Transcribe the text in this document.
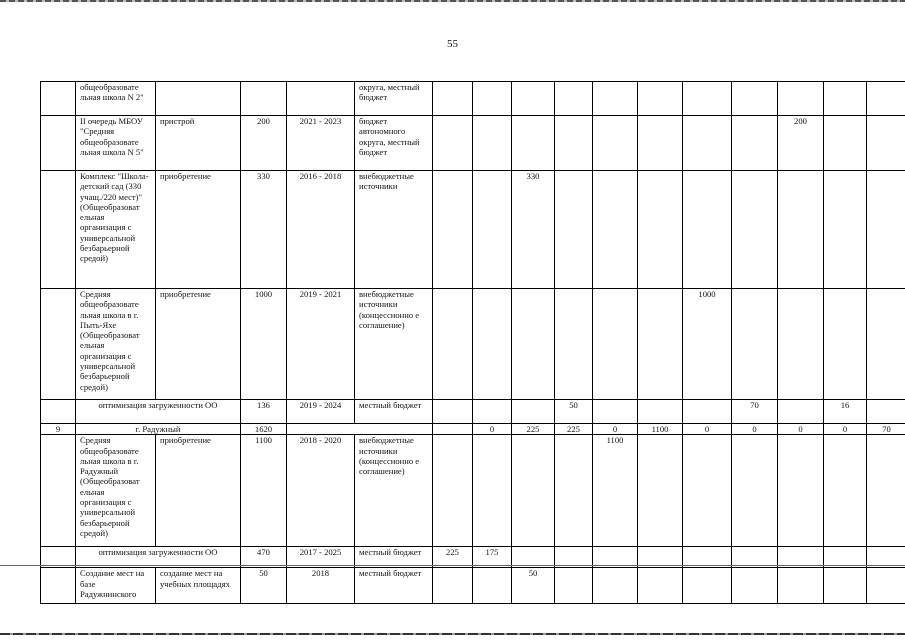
55
	общеобразовате льная школа N 2"				округа, местный бюджет												
	II очередь МБОУ "Средняя общеобразовате льная школа N 5"	пристрой	200	2021 - 2023	бюджет автономного округа, местный бюджет									200			
	Комплекс "Школа-детский сад (330 учащ./220 мест)" (Общеобразоват ельная организация с универсальной безбарьерной средой)	приобретение	330	2016 - 2018	внебюджетные источники			330									
	Средняя общеобразовате льная школа в г. Пыть-Яхе (Общеобразоват ельная организация с универсальной безбарьерной средой)	приобретение	1000	2019 - 2021	внебюджетные источники (концессионно е соглашение)							1000					
	оптимизация загруженности ОО		136	2019 - 2024	местный бюджет				50				70		16		
9	г. Радужный		1620				0	225	225	0	1100	0	0	0	0	70	
	Средняя общеобразовате льная школа в г. Радужный (Общеобразоват ельная организация с универсальной безбарьерной средой)	приобретение	1100	2018 - 2020	внебюджетные источники (концессионно е соглашение)					1100							
	оптимизация загруженности ОО		470	2017 - 2025	местный бюджет	225	175										
	Создание мест на базе Радужнинского	создание мест на учебных площадях	50	2018	местный бюджет			50									
